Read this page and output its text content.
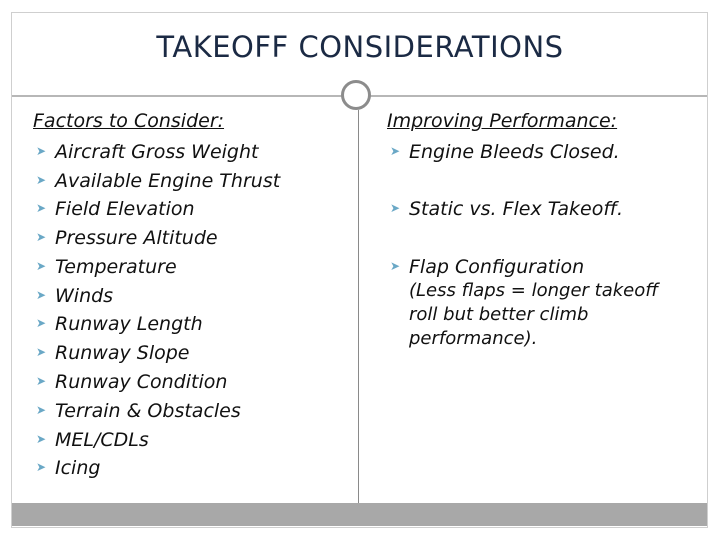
TAKEOFF CONSIDERATIONS
Factors to Consider:
➤ Aircraft Gross Weight
➤ Available Engine Thrust
➤ Field Elevation
➤ Pressure Altitude
➤ Temperature
➤ Winds
➤ Runway Length
➤ Runway Slope
➤ Runway Condition
➤ Terrain & Obstacles
➤ MEL/CDLs
➤ Icing
Improving Performance:
➤ Engine Bleeds Closed.
➤ Static vs. Flex Takeoff.
➤ Flap Configuration
(Less flaps = longer takeoff
roll but better climb
performance).
